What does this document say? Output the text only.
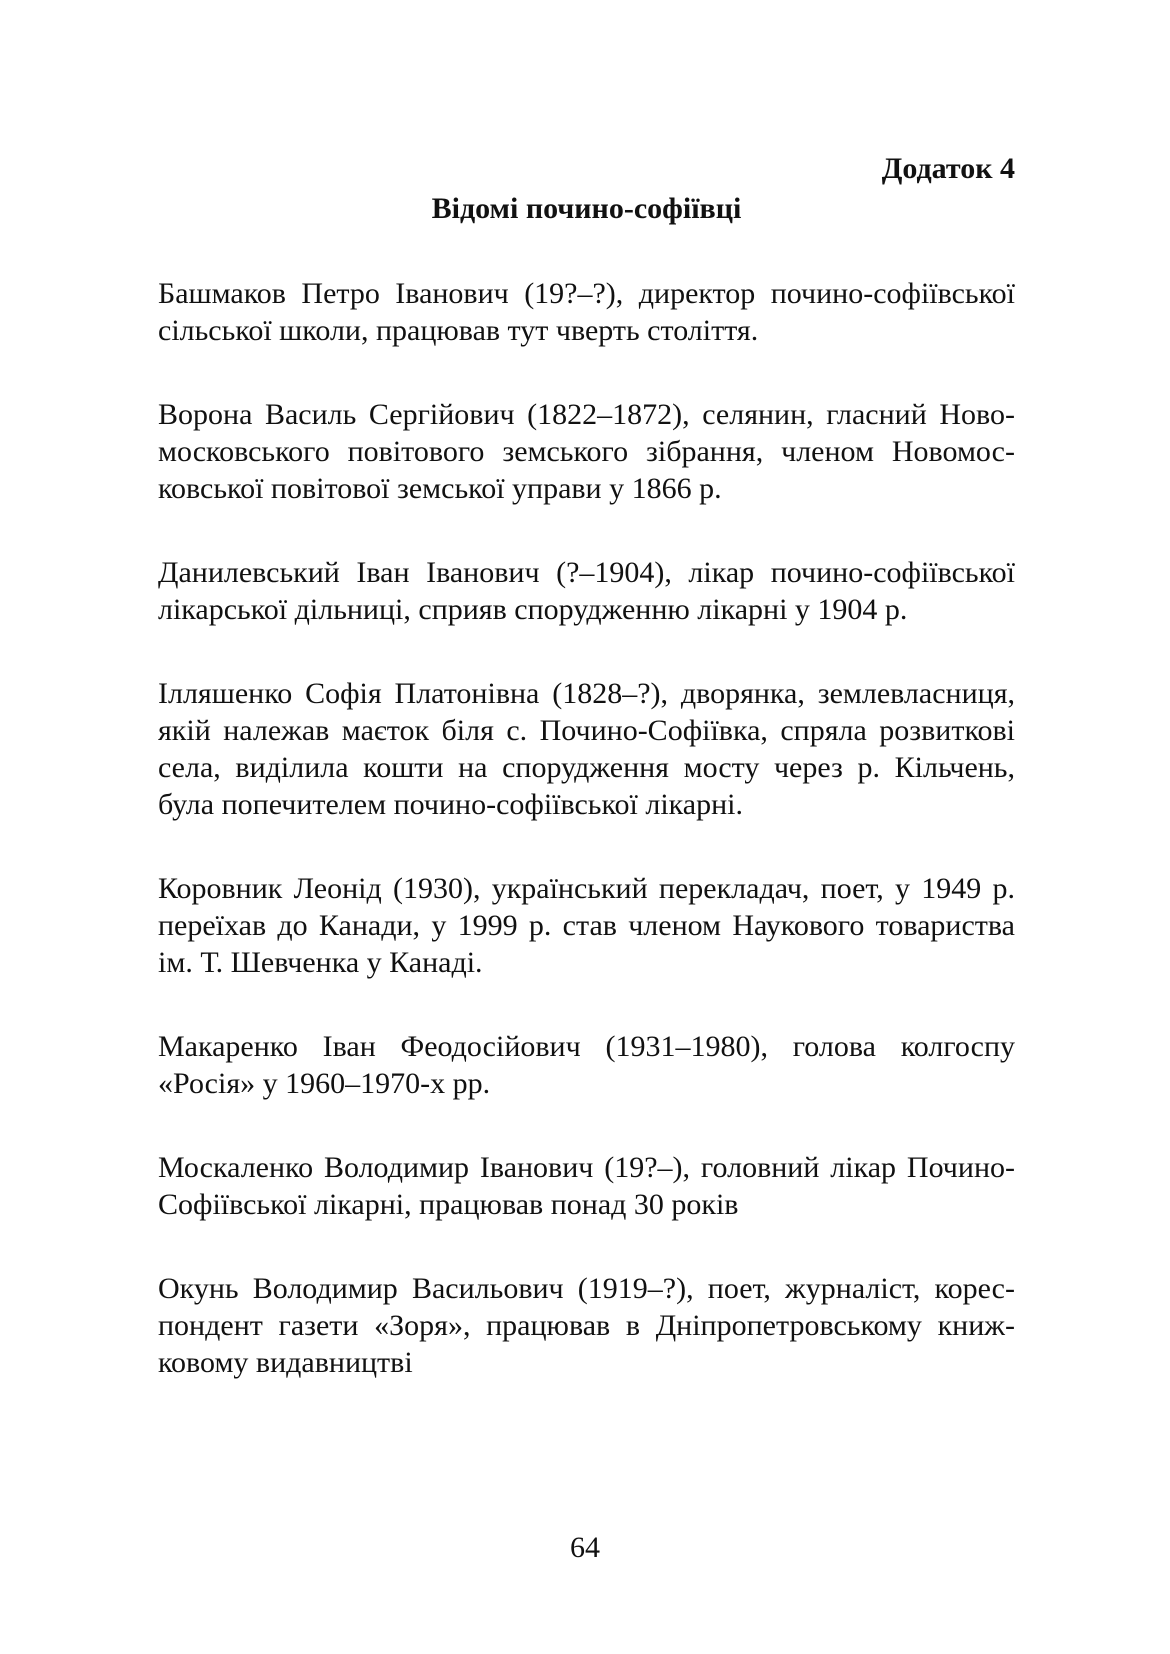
Додаток 4

Відомі почино-софіївці

Башмаков Петро Іванович (19?–?), директор почино-софіївської сільської школи, працював тут чверть століття.

Ворона Василь Сергійович (1822–1872), селянин, гласний Новомосковського повітового земського зібрання, членом Новомосковської повітової земської управи у 1866 р.

Данилевський Іван Іванович (?–1904), лікар почино-софіївської лікарської дільниці, сприяв спорудженню лікарні у 1904 р.

Ілляшенко Софія Платонівна (1828–?), дворянка, землевласниця, якій належав маєток біля с. Почино-Софіївка, спряла розвиткові села, виділила кошти на спорудження мосту через р. Кільчень, була попечителем почино-софіївської лікарні.

Коровник Леонід (1930), український перекладач, поет, у 1949 р. переїхав до Канади, у 1999 р. став членом Наукового товариства ім. Т. Шевченка у Канаді.

Макаренко Іван Феодосійович (1931–1980), голова колгоспу «Росія» у 1960–1970-х рр.

Москаленко Володимир Іванович (19?–), головний лікар Почино-Софіївської лікарні, працював понад 30 років

Окунь Володимир Васильович (1919–?), поет, журналіст, кореспондент газети «Зоря», працював в Дніпропетровському книжковому видавництві

64
